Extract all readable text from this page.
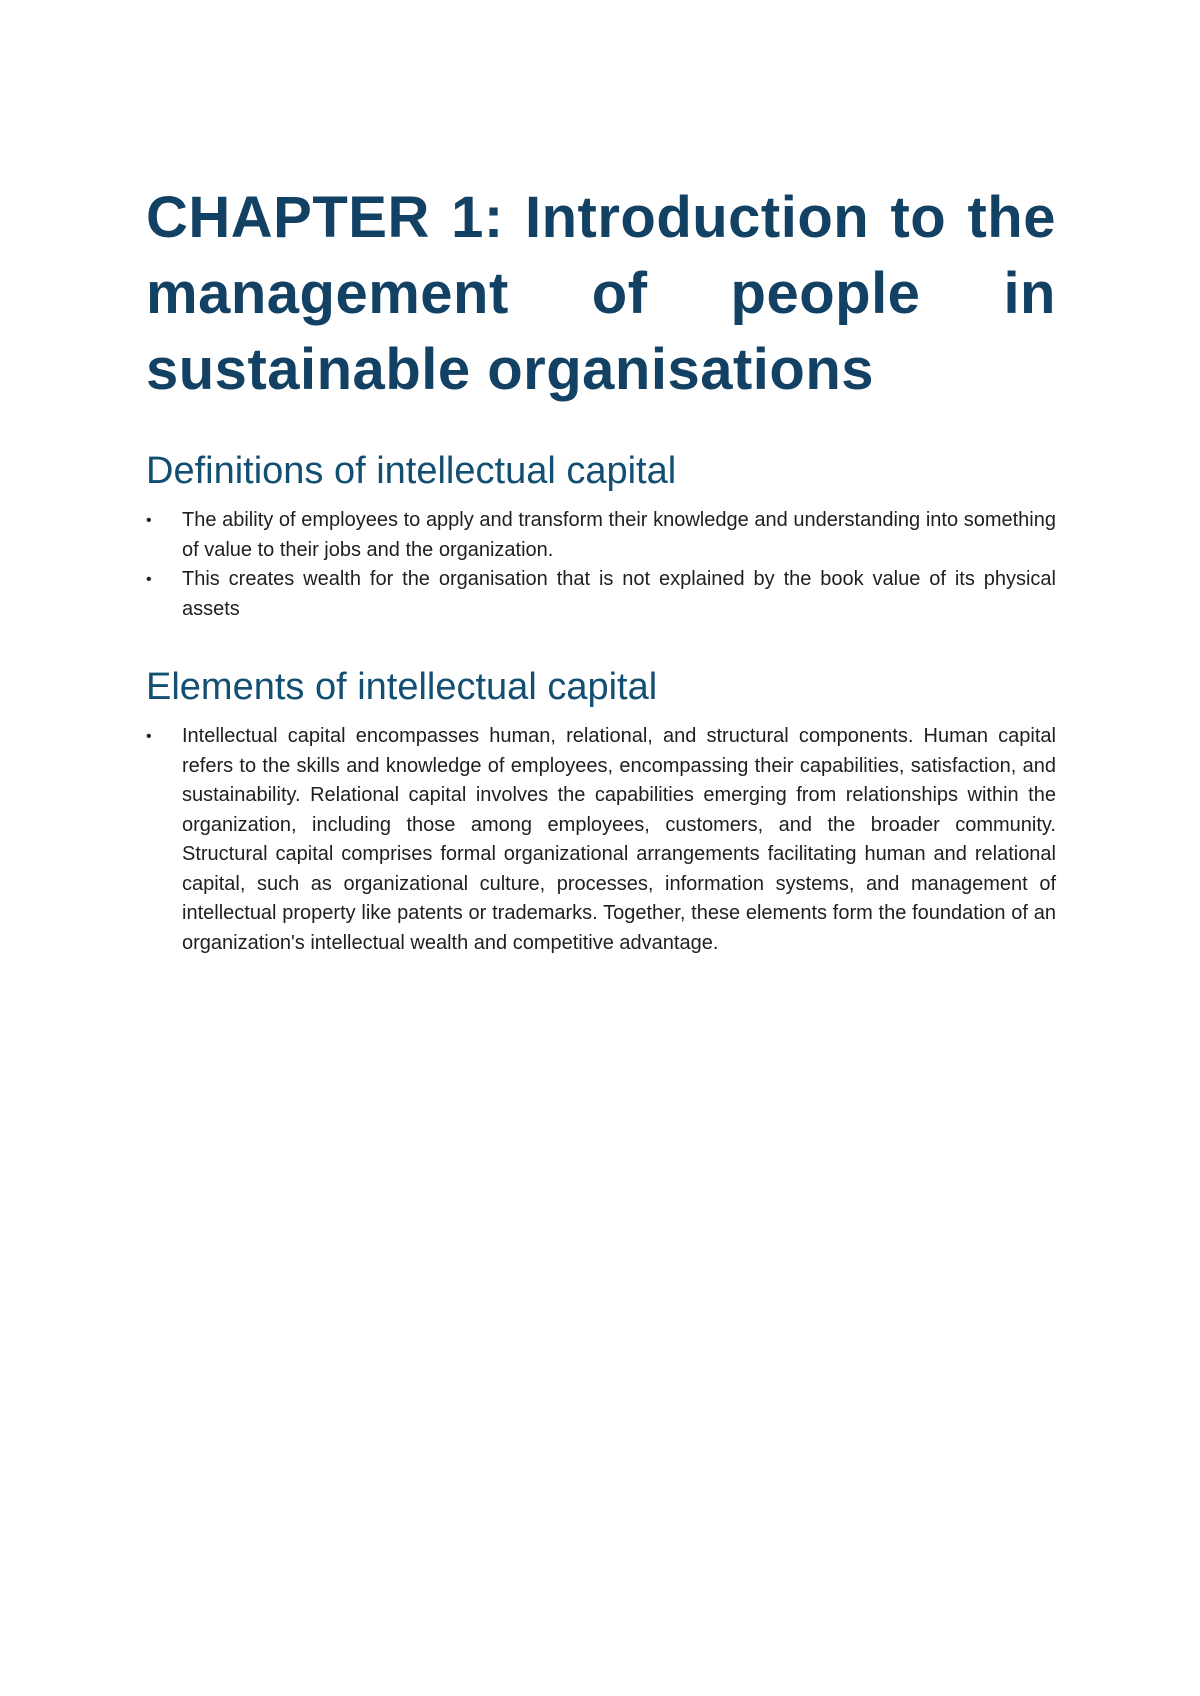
CHAPTER 1: Introduction to the management of people in sustainable organisations
Definitions of intellectual capital
•	The ability of employees to apply and transform their knowledge and understanding into something of value to their jobs and the organization.
•	This creates wealth for the organisation that is not explained by the book value of its physical assets
Elements of intellectual capital
•	Intellectual capital encompasses human, relational, and structural components. Human capital refers to the skills and knowledge of employees, encompassing their capabilities, satisfaction, and sustainability. Relational capital involves the capabilities emerging from relationships within the organization, including those among employees, customers, and the broader community. Structural capital comprises formal organizational arrangements facilitating human and relational capital, such as organizational culture, processes, information systems, and management of intellectual property like patents or trademarks. Together, these elements form the foundation of an organization's intellectual wealth and competitive advantage.
